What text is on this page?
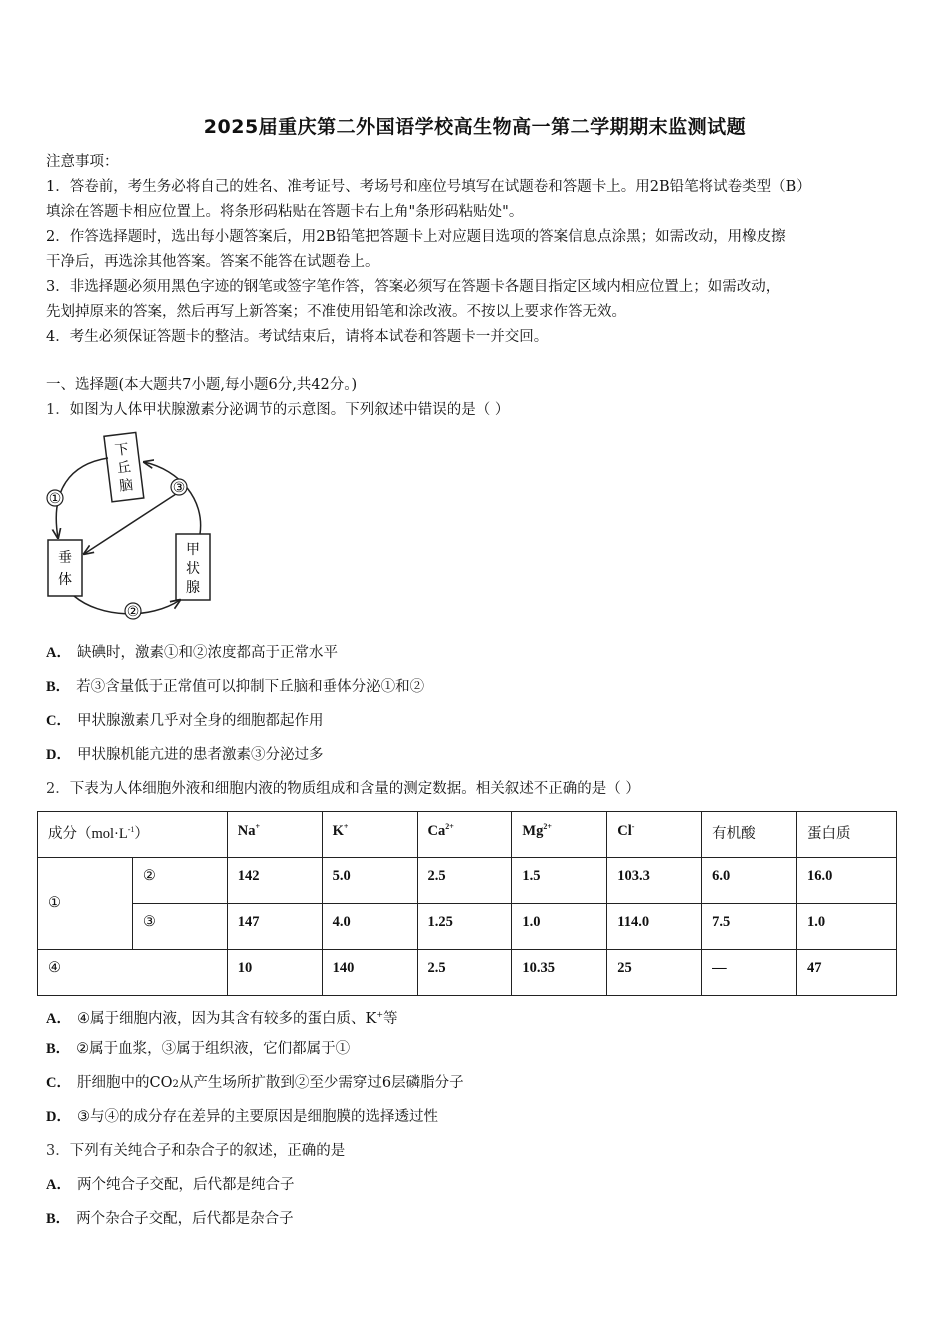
2025届重庆第二外国语学校高生物高一第二学期期末监测试题
注意事项：
1．答卷前，考生务必将自己的姓名、准考证号、考场号和座位号填写在试题卷和答题卡上。用2B铅笔将试卷类型（B）
填涂在答题卡相应位置上。将条形码粘贴在答题卡右上角"条形码粘贴处"。
2．作答选择题时，选出每小题答案后，用2B铅笔把答题卡上对应题目选项的答案信息点涂黑；如需改动，用橡皮擦
干净后，再选涂其他答案。答案不能答在试题卷上。
3．非选择题必须用黑色字迹的钢笔或签字笔作答，答案必须写在答题卡各题目指定区域内相应位置上；如需改动，
先划掉原来的答案，然后再写上新答案；不准使用铅笔和涂改液。不按以上要求作答无效。
4．考生必须保证答题卡的整洁。考试结束后，请将本试卷和答题卡一并交回。
一、选择题(本大题共7小题,每小题6分,共42分。)
1．如图为人体甲状腺激素分泌调节的示意图。下列叙述中错误的是（ ）
下
丘
脑
垂
体
甲
状
腺
①
②
③
A． 缺碘时，激素①和②浓度都高于正常水平
B． 若③含量低于正常值可以抑制下丘脑和垂体分泌①和②
C． 甲状腺激素几乎对全身的细胞都起作用
D． 甲状腺机能亢进的患者激素③分泌过多
2．下表为人体细胞外液和细胞内液的物质组成和含量的测定数据。相关叙述不正确的是（ ）
成分$(mol\cdot L^{-1})$		Na+	K+	$Ca^{2+}$	$Mg^{2+}$	Cl-	有机酸	蛋白质
①	②	142	5.0	2.5	1.5	103.3	6.0	16.0
	③	147	4.0	1.25	1.0	114.0	7.5	1.0
④		10	140	2.5	10.35	25	—	47
A． ④属于细胞内液，因为其含有较多的蛋白质、K+等
B． ②属于血浆，③属于组织液，它们都属于①
C． 肝细胞中的CO2从产生场所扩散到②至少需穿过6层磷脂分子
D． ③与④的成分存在差异的主要原因是细胞膜的选择透过性
3．下列有关纯合子和杂合子的叙述，正确的是
A． 两个纯合子交配，后代都是纯合子
B． 两个杂合子交配，后代都是杂合子
